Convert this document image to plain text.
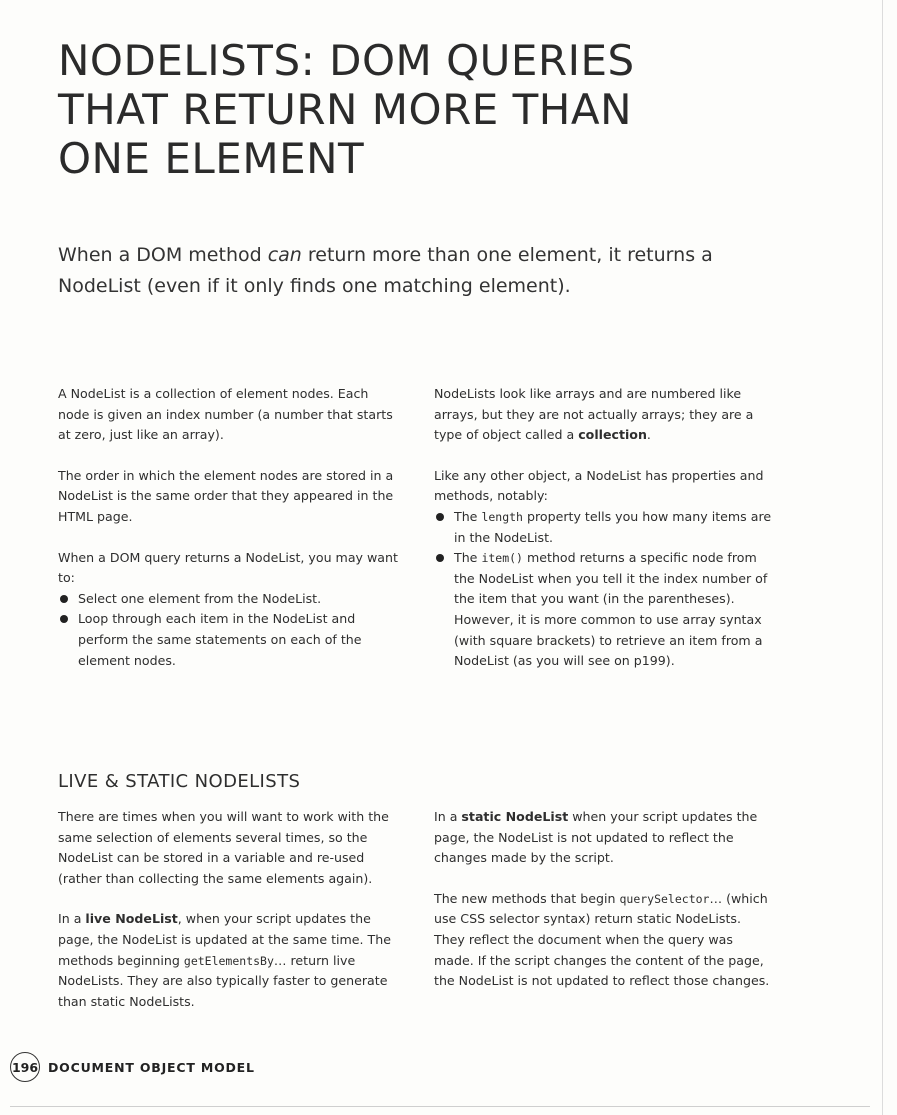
NODELISTS: DOM QUERIES
THAT RETURN MORE THAN
ONE ELEMENT

When a DOM method can return more than one element, it returns a NodeList (even if it only finds one matching element).

A NodeList is a collection of element nodes. Each node is given an index number (a number that starts at zero, just like an array).

The order in which the element nodes are stored in a NodeList is the same order that they appeared in the HTML page.

When a DOM query returns a NodeList, you may want to:

Select one element from the NodeList.
Loop through each item in the NodeList and perform the same statements on each of the element nodes.

NodeLists look like arrays and are numbered like arrays, but they are not actually arrays; they are a type of object called a collection.

Like any other object, a NodeList has properties and methods, notably:

The length property tells you how many items are in the NodeList.
The item() method returns a specific node from the NodeList when you tell it the index number of the item that you want (in the parentheses). However, it is more common to use array syntax (with square brackets) to retrieve an item from a NodeList (as you will see on p199).
LIVE & STATIC NODELISTS

There are times when you will want to work with the same selection of elements several times, so the NodeList can be stored in a variable and re-used (rather than collecting the same elements again).

In a live NodeList, when your script updates the page, the NodeList is updated at the same time. The methods beginning getElementsBy… return live NodeLists. They are also typically faster to generate than static NodeLists.

In a static NodeList when your script updates the page, the NodeList is not updated to reflect the changes made by the script.

The new methods that begin querySelector… (which use CSS selector syntax) return static NodeLists. They reflect the document when the query was made. If the script changes the content of the page, the NodeList is not updated to reflect those changes.

196 DOCUMENT OBJECT MODEL
